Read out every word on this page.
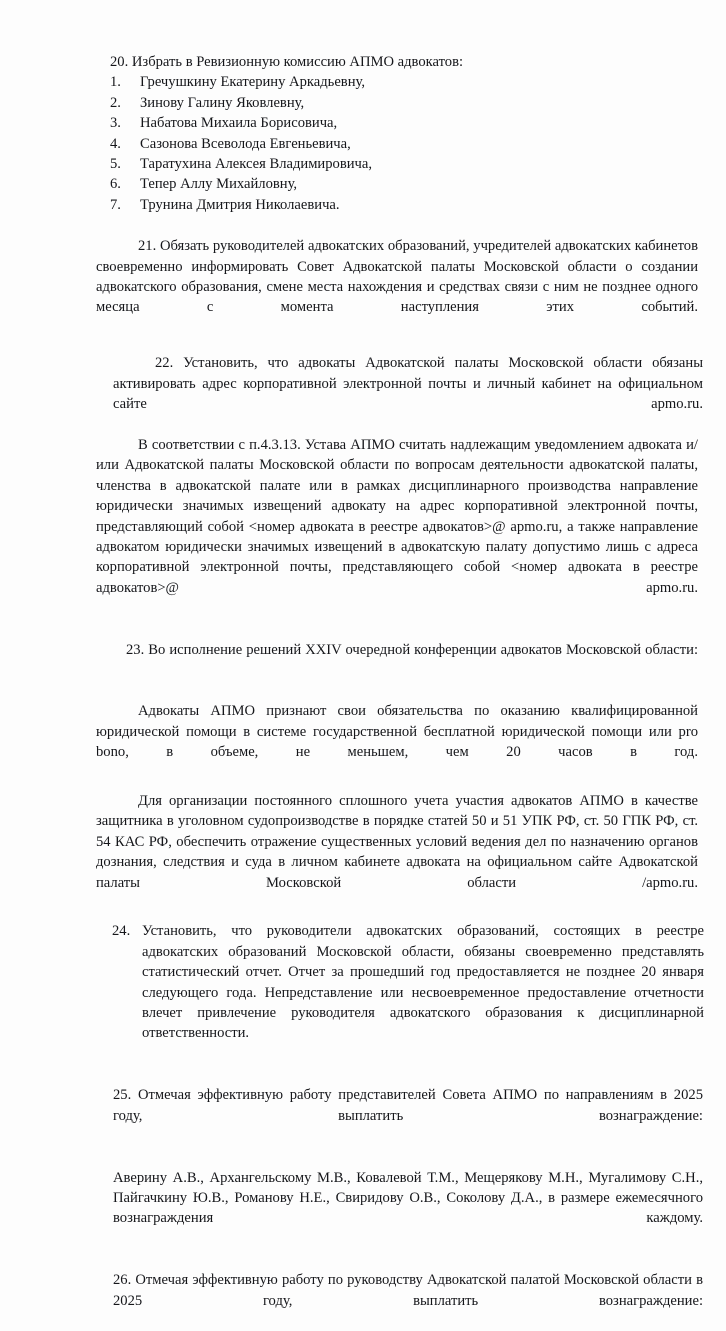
20. Избрать в Ревизионную комиссию АПМО адвокатов:

1.	Гречушкину Екатерину Аркадьевну,
2.	Зинову Галину Яковлевну,
3.	Набатова Михаила Борисовича,
4.	Сазонова Всеволода Евгеньевича,
5.	Таратухина Алексея Владимировича,
6.	Тепер Аллу Михайловну,
7.	Трунина Дмитрия Николаевича.

21. Обязать руководителей адвокатских образований, учредителей адвокатских кабинетов своевременно информировать Совет Адвокатской палаты Московской области о создании адвокатского образования, смене места нахождения и средствах связи с ним не позднее одного месяца с момента наступления этих событий.

22. Установить, что адвокаты Адвокатской палаты Московской области обязаны активировать адрес корпоративной электронной почты и личный кабинет на официальном сайте apmo.ru.

В соответствии с п.4.3.13. Устава АПМО считать надлежащим уведомлением адвоката и/или Адвокатской палаты Московской области по вопросам деятельности адвокатской палаты, членства в адвокатской палате или в рамках дисциплинарного производства направление юридически значимых извещений адвокату на адрес корпоративной электронной почты, представляющий собой <номер адвоката в реестре адвокатов>@ apmo.ru, а также направление адвокатом юридически значимых извещений в адвокатскую палату допустимо лишь с адреса корпоративной электронной почты, представляющего собой <номер адвоката в реестре адвокатов>@ apmo.ru.

23. Во исполнение решений XXIV очередной конференции адвокатов Московской области:

Адвокаты АПМО признают свои обязательства по оказанию квалифицированной юридической помощи в системе государственной бесплатной юридической помощи или pro bono, в объеме, не меньшем, чем 20 часов в год.

Для организации постоянного сплошного учета участия адвокатов АПМО в качестве защитника в уголовном судопроизводстве в порядке статей 50 и 51 УПК РФ, ст. 50 ГПК РФ, ст. 54 КАС РФ, обеспечить отражение существенных условий ведения дел по назначению органов дознания, следствия и суда в личном кабинете адвоката на официальном сайте Адвокатской палаты Московской области /apmo.ru.

24. Установить, что руководители адвокатских образований, состоящих в реестре адвокатских образований Московской области, обязаны своевременно представлять статистический отчет. Отчет за прошедший год предоставляется не позднее 20 января следующего года. Непредставление или несвоевременное предоставление отчетности влечет привлечение руководителя адвокатского образования к дисциплинарной ответственности.

25. Отмечая эффективную работу представителей Совета АПМО по направлениям в 2025 году, выплатить вознаграждение:

Аверину А.В., Архангельскому М.В., Ковалевой Т.М., Мещерякову М.Н., Мугалимову С.Н., Пайгачкину Ю.В., Романову Н.Е., Свиридову О.В., Соколову Д.А., в размере ежемесячного вознаграждения каждому.

26. Отмечая эффективную работу по руководству Адвокатской палатой Московской области в 2025 году, выплатить вознаграждение:
